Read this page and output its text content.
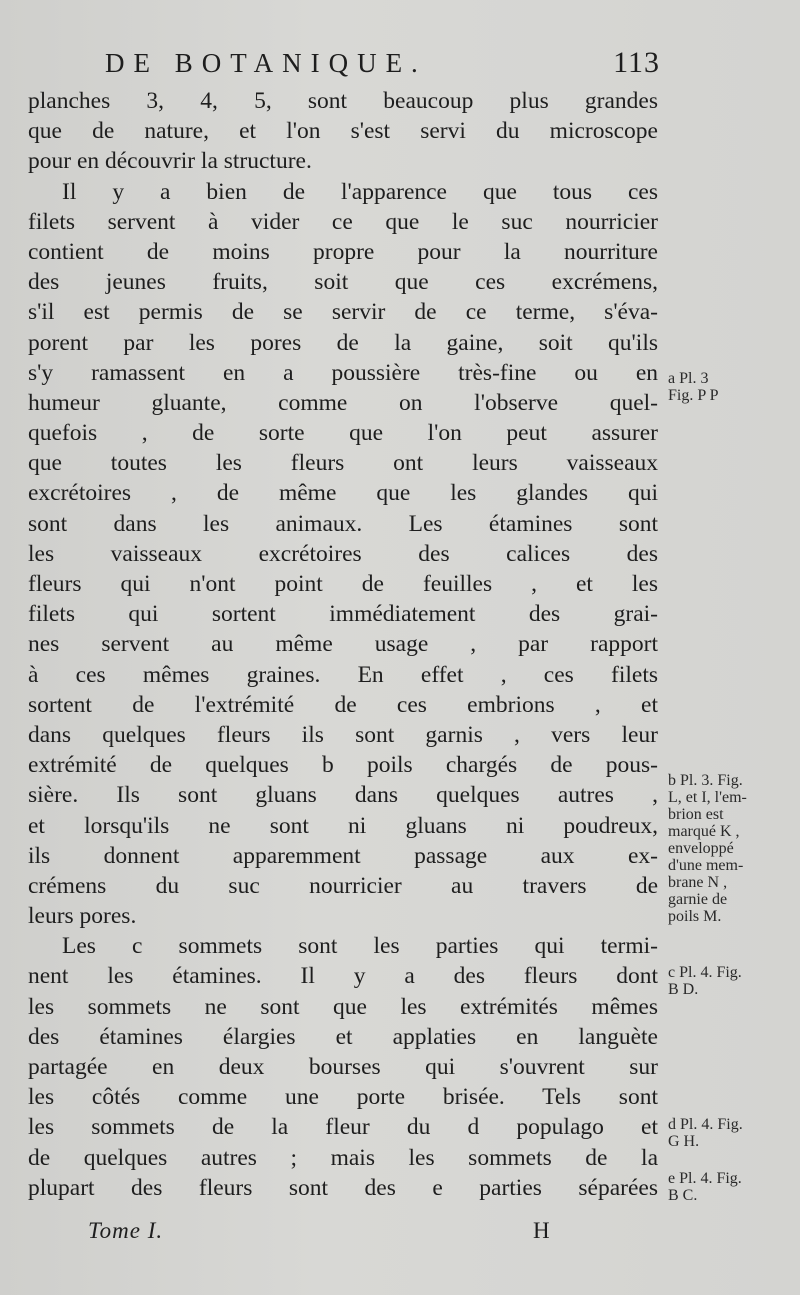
DE BOTANIQUE.	113
planches 3, 4, 5, sont beaucoup plus grandes
que de nature, et l'on s'est servi du microscope
pour en découvrir la structure.
Il y a bien de l'apparence que tous ces
filets servent à vider ce que le suc nourricier
contient de moins propre pour la nourriture
des jeunes fruits, soit que ces excrémens,
s'il est permis de se servir de ce terme, s'éva-
porent par les pores de la gaine, soit qu'ils
s'y ramassent en a poussière très-fine ou en
humeur gluante, comme on l'observe quel-
quefois , de sorte que l'on peut assurer
que toutes les fleurs ont leurs vaisseaux
excrétoires , de même que les glandes qui
sont dans les animaux. Les étamines sont
les vaisseaux excrétoires des calices des
fleurs qui n'ont point de feuilles , et les
filets qui sortent immédiatement des grai-
nes servent au même usage , par rapport
à ces mêmes graines. En effet , ces filets
sortent de l'extrémité de ces embrions , et
dans quelques fleurs ils sont garnis , vers leur
extrémité de quelques b poils chargés de pous-
sière. Ils sont gluans dans quelques autres ,
et lorsqu'ils ne sont ni gluans ni poudreux,
ils donnent apparemment passage aux ex-
crémens du suc nourricier au travers de
leurs pores.
Les c sommets sont les parties qui termi-
nent les étamines. Il y a des fleurs dont
les sommets ne sont que les extrémités mêmes
des étamines élargies et applaties en languète
partagée en deux bourses qui s'ouvrent sur
les côtés comme une porte brisée. Tels sont
les sommets de la fleur du d populago et
de quelques autres ; mais les sommets de la
plupart des fleurs sont des e parties séparées
a Pl. 3
Fig. P P
b Pl. 3. Fig.
L, et I, l'em-
brion est
marqué K ,
enveloppé
d'une mem-
brane N ,
garnie de
poils M.
c Pl. 4. Fig.
B D.
d Pl. 4. Fig.
G H.
e Pl. 4. Fig.
B C.
Tome I.	H
